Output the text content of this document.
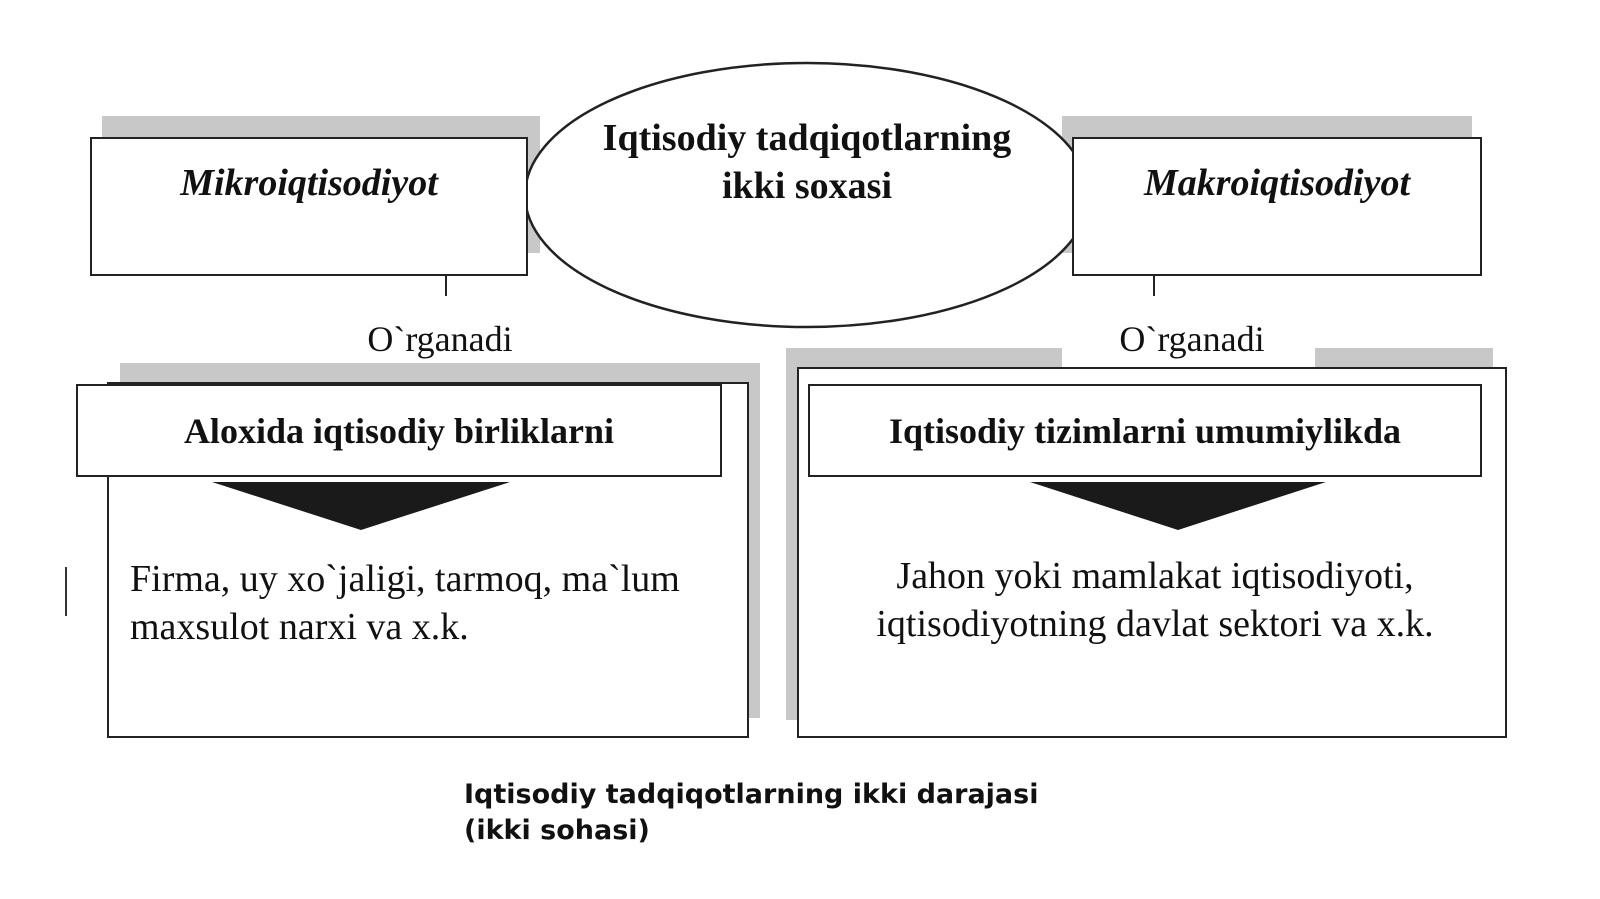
Iqtisodiy tadqiqotlarning
ikki soxasi
Mikroiqtisodiyot	Makroiqtisodiyot
O`rganadi	O`rganadi
Aloxida iqtisodiy birliklarni
Firma, uy xo`jaligi, tarmoq, ma`lum
maxsulot narxi va x.k.
Iqtisodiy tizimlarni umumiylikda
Jahon yoki mamlakat iqtisodiyoti,
iqtisodiyotning davlat sektori va x.k.
Iqtisodiy tadqiqotlarning ikki darajasi
(ikki sohasi)
